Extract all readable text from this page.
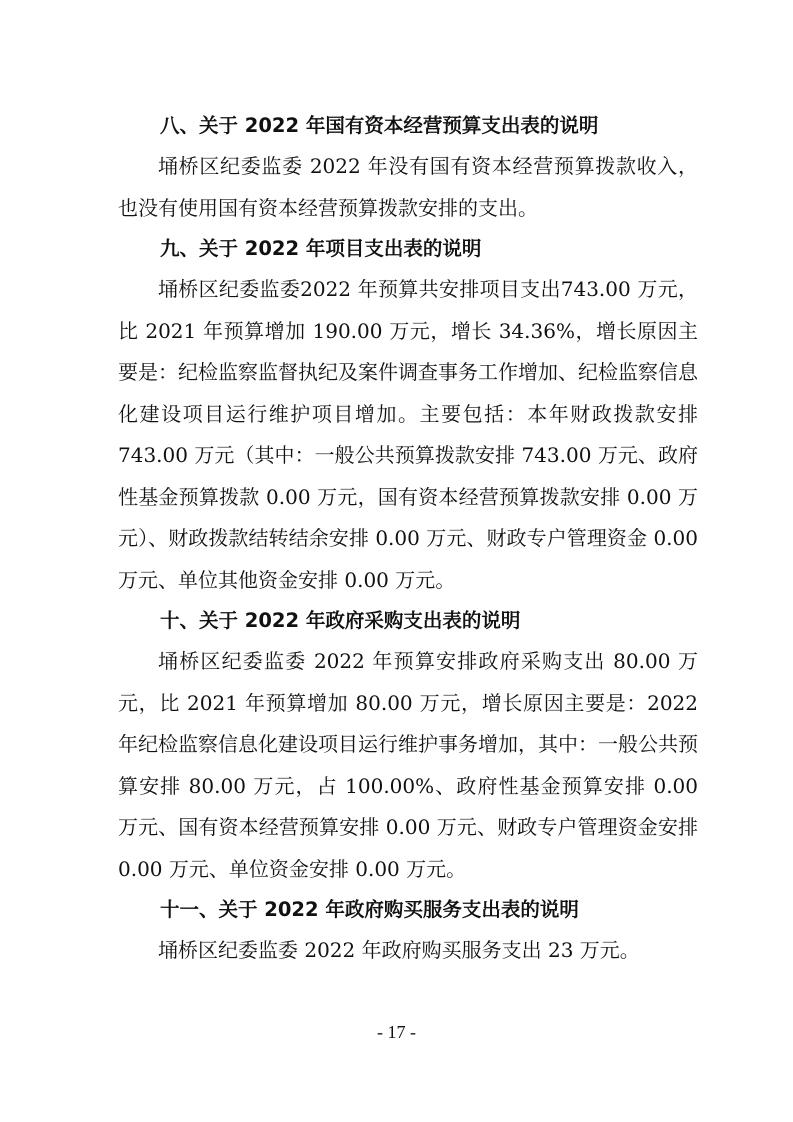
八、关于 2022 年国有资本经营预算支出表的说明

埇桥区纪委监委 2022 年没有国有资本经营预算拨款收入，也没有使用国有资本经营预算拨款安排的支出。

九、关于 2022 年项目支出表的说明

埇桥区纪委监委2022 年预算共安排项目支出743.00 万元，比 2021 年预算增加 190.00 万元，增长 34.36%，增长原因主要是：纪检监察监督执纪及案件调查事务工作增加、纪检监察信息化建设项目运行维护项目增加。主要包括：本年财政拨款安排 743.00 万元（其中：一般公共预算拨款安排 743.00 万元、政府性基金预算拨款 0.00 万元，国有资本经营预算拨款安排 0.00 万元）、财政拨款结转结余安排 0.00 万元、财政专户管理资金 0.00 万元、单位其他资金安排 0.00 万元。

十、关于 2022 年政府采购支出表的说明

埇桥区纪委监委 2022 年预算安排政府采购支出 80.00 万元，比 2021 年预算增加 80.00 万元，增长原因主要是：2022 年纪检监察信息化建设项目运行维护事务增加，其中：一般公共预算安排 80.00 万元，占 100.00%、政府性基金预算安排 0.00 万元、国有资本经营预算安排 0.00 万元、财政专户管理资金安排 0.00 万元、单位资金安排 0.00 万元。

十一、关于 2022 年政府购买服务支出表的说明

埇桥区纪委监委 2022 年政府购买服务支出 23 万元。

- 17 -
